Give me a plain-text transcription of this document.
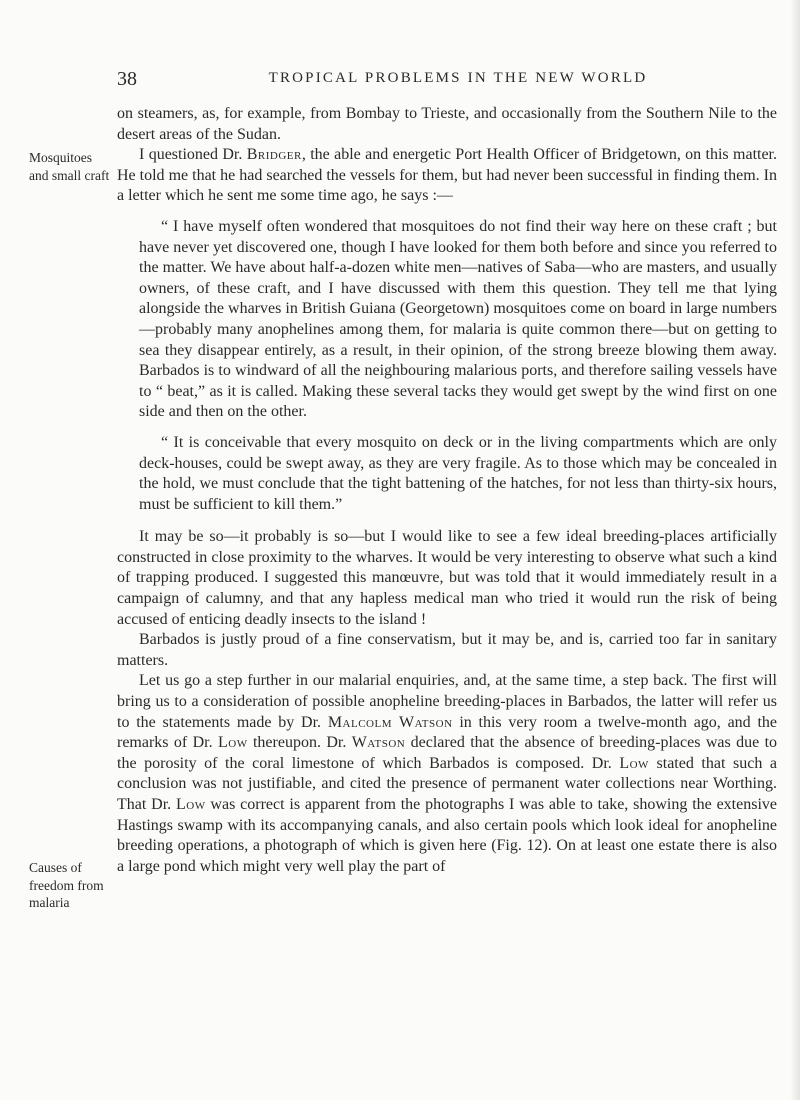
38	TROPICAL PROBLEMS IN THE NEW WORLD
Mosquitoes and small craft
Causes of freedom from malaria

on steamers, as, for example, from Bombay to Trieste, and occasionally from the Southern Nile to the desert areas of the Sudan.

I questioned Dr. Bridger, the able and energetic Port Health Officer of Bridgetown, on this matter. He told me that he had searched the vessels for them, but had never been successful in finding them. In a letter which he sent me some time ago, he says :—

“ I have myself often wondered that mosquitoes do not find their way here on these craft ; but have never yet discovered one, though I have looked for them both before and since you referred to the matter. We have about half-a-dozen white men—natives of Saba—who are masters, and usually owners, of these craft, and I have discussed with them this question. They tell me that lying alongside the wharves in British Guiana (Georgetown) mosquitoes come on board in large numbers—probably many anophelines among them, for malaria is quite common there—but on getting to sea they disappear entirely, as a result, in their opinion, of the strong breeze blowing them away. Barbados is to windward of all the neighbouring malarious ports, and therefore sailing vessels have to “ beat,” as it is called. Making these several tacks they would get swept by the wind first on one side and then on the other.

“ It is conceivable that every mosquito on deck or in the living compartments which are only deck-houses, could be swept away, as they are very fragile. As to those which may be concealed in the hold, we must conclude that the tight battening of the hatches, for not less than thirty-six hours, must be sufficient to kill them.”

It may be so—it probably is so—but I would like to see a few ideal breeding-places artificially constructed in close proximity to the wharves. It would be very interesting to observe what such a kind of trapping produced. I suggested this manœuvre, but was told that it would immediately result in a campaign of calumny, and that any hapless medical man who tried it would run the risk of being accused of enticing deadly insects to the island !

Barbados is justly proud of a fine conservatism, but it may be, and is, carried too far in sanitary matters.

Let us go a step further in our malarial enquiries, and, at the same time, a step back. The first will bring us to a consideration of possible anopheline breeding-places in Barbados, the latter will refer us to the statements made by Dr. Malcolm Watson in this very room a twelve-month ago, and the remarks of Dr. Low thereupon. Dr. Watson declared that the absence of breeding-places was due to the porosity of the coral limestone of which Barbados is composed. Dr. Low stated that such a conclusion was not justifiable, and cited the presence of permanent water collections near Worthing. That Dr. Low was correct is apparent from the photographs I was able to take, showing the extensive Hastings swamp with its accompanying canals, and also certain pools which look ideal for anopheline breeding operations, a photograph of which is given here (Fig. 12). On at least one estate there is also a large pond which might very well play the part of
